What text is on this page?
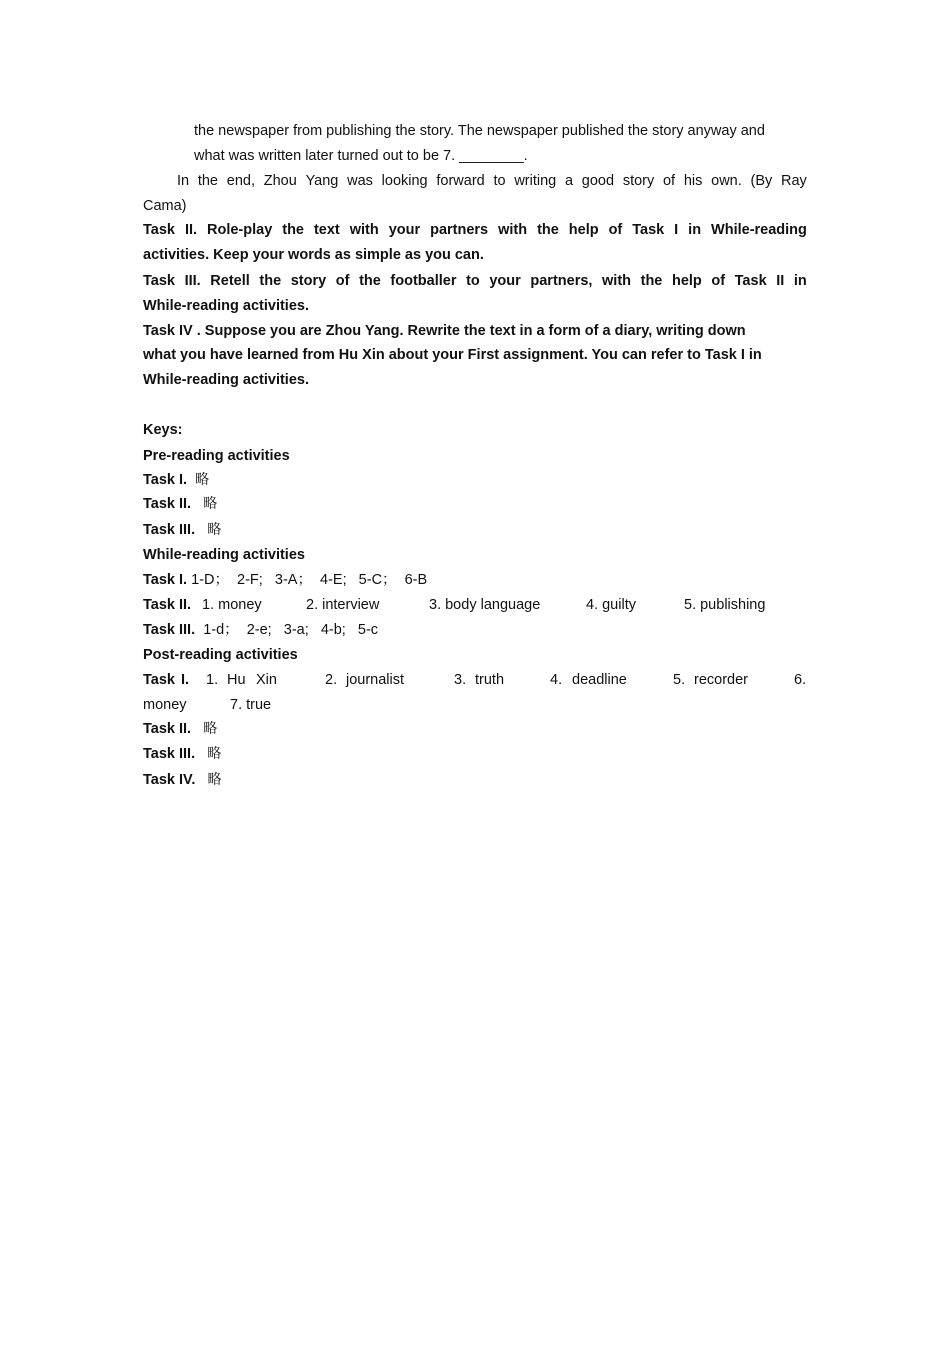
the newspaper from publishing the story. The newspaper published the story anyway and
what was written later turned out to be 7. ________.
In the end, Zhou Yang was looking forward to writing a good story of his own. (By Ray
Cama)
Task II. Role-play the text with your partners with the help of Task I in While-reading
activities. Keep your words as simple as you can.
Task III. Retell the story of the footballer to your partners, with the help of Task II in
While-reading activities.
Task IV . Suppose you are Zhou Yang. Rewrite the text in a form of a diary, writing down
what you have learned from Hu Xin about your First assignment. You can refer to Task I in
While-reading activities.
Keys:
Pre-reading activities
Task I. 略
Task II. 略
Task III. 略
While-reading activities
Task I. 1-D；  2-F;   3-A；  4-E;   5-C；  6-B
Task II. 1. money	2. interview	3. body language	4. guilty	5. publishing
Task III. 1-d；  2-e;   3-a;   4-b;   5-c
Post-reading activities
Task I. 1. Hu Xin	2. journalist	3. truth	4. deadline	5. recorder	6.
money	7. true
Task II. 略
Task III. 略
Task IV. 略
